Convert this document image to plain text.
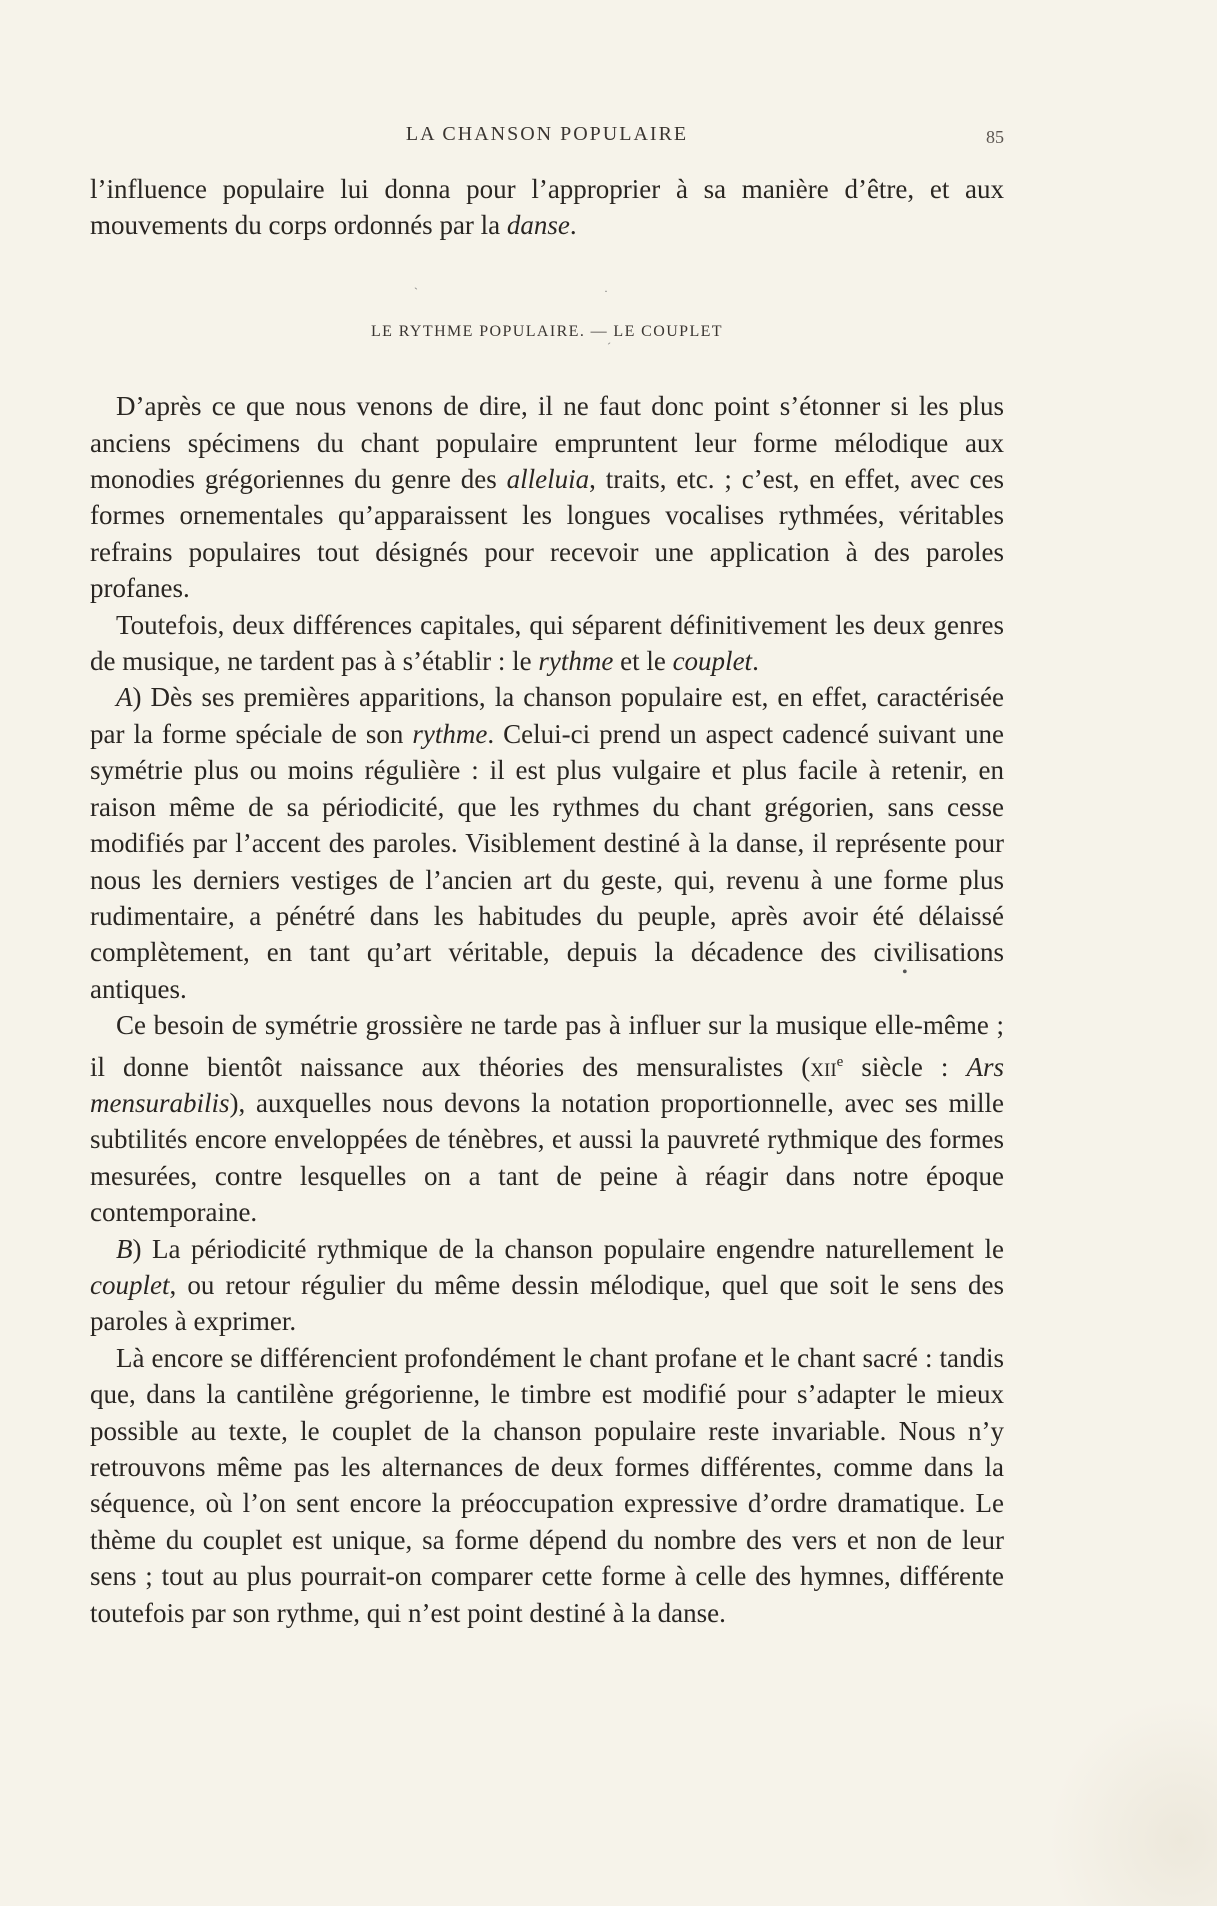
LA CHANSON POPULAIRE	85

l’influence populaire lui donna pour l’approprier à sa manière d’être, et aux mouvements du corps ordonnés par la danse.

LE RYTHME POPULAIRE. — LE COUPLET

D’après ce que nous venons de dire, il ne faut donc point s’étonner si les plus anciens spécimens du chant populaire empruntent leur forme mélodique aux monodies grégoriennes du genre des alleluia, traits, etc. ; c’est, en effet, avec ces formes ornementales qu’apparaissent les longues vocalises rythmées, véritables refrains populaires tout désignés pour recevoir une application à des paroles profanes.

Toutefois, deux différences capitales, qui séparent définitivement les deux genres de musique, ne tardent pas à s’établir : le rythme et le couplet.

A) Dès ses premières apparitions, la chanson populaire est, en effet, caractérisée par la forme spéciale de son rythme. Celui-ci prend un aspect cadencé suivant une symétrie plus ou moins régulière : il est plus vulgaire et plus facile à retenir, en raison même de sa périodicité, que les rythmes du chant grégorien, sans cesse modifiés par l’accent des paroles. Visiblement destiné à la danse, il représente pour nous les derniers vestiges de l’ancien art du geste, qui, revenu à une forme plus rudimentaire, a pénétré dans les habitudes du peuple, après avoir été délaissé complètement, en tant qu’art véritable, depuis la décadence des civilisations antiques.

Ce besoin de symétrie grossière ne tarde pas à influer sur la musique elle-même ; il donne bientôt naissance aux théories des mensuralistes (xii$^e$ siècle : Ars mensurabilis), auxquelles nous devons la notation proportionnelle, avec ses mille subtilités encore enveloppées de ténèbres, et aussi la pauvreté rythmique des formes mesurées, contre lesquelles on a tant de peine à réagir dans notre époque contemporaine.

B) La périodicité rythmique de la chanson populaire engendre naturellement le couplet, ou retour régulier du même dessin mélodique, quel que soit le sens des paroles à exprimer.

Là encore se différencient profondément le chant profane et le chant sacré : tandis que, dans la cantilène grégorienne, le timbre est modifié pour s’adapter le mieux possible au texte, le couplet de la chanson populaire reste invariable. Nous n’y retrouvons même pas les alternances de deux formes différentes, comme dans la séquence, où l’on sent encore la préoccupation expressive d’ordre dramatique. Le thème du couplet est unique, sa forme dépend du nombre des vers et non de leur sens ; tout au plus pourrait-on comparer cette forme à celle des hymnes, différente toutefois par son rythme, qui n’est point destiné à la danse.

ˎ
·
ˊ
•
